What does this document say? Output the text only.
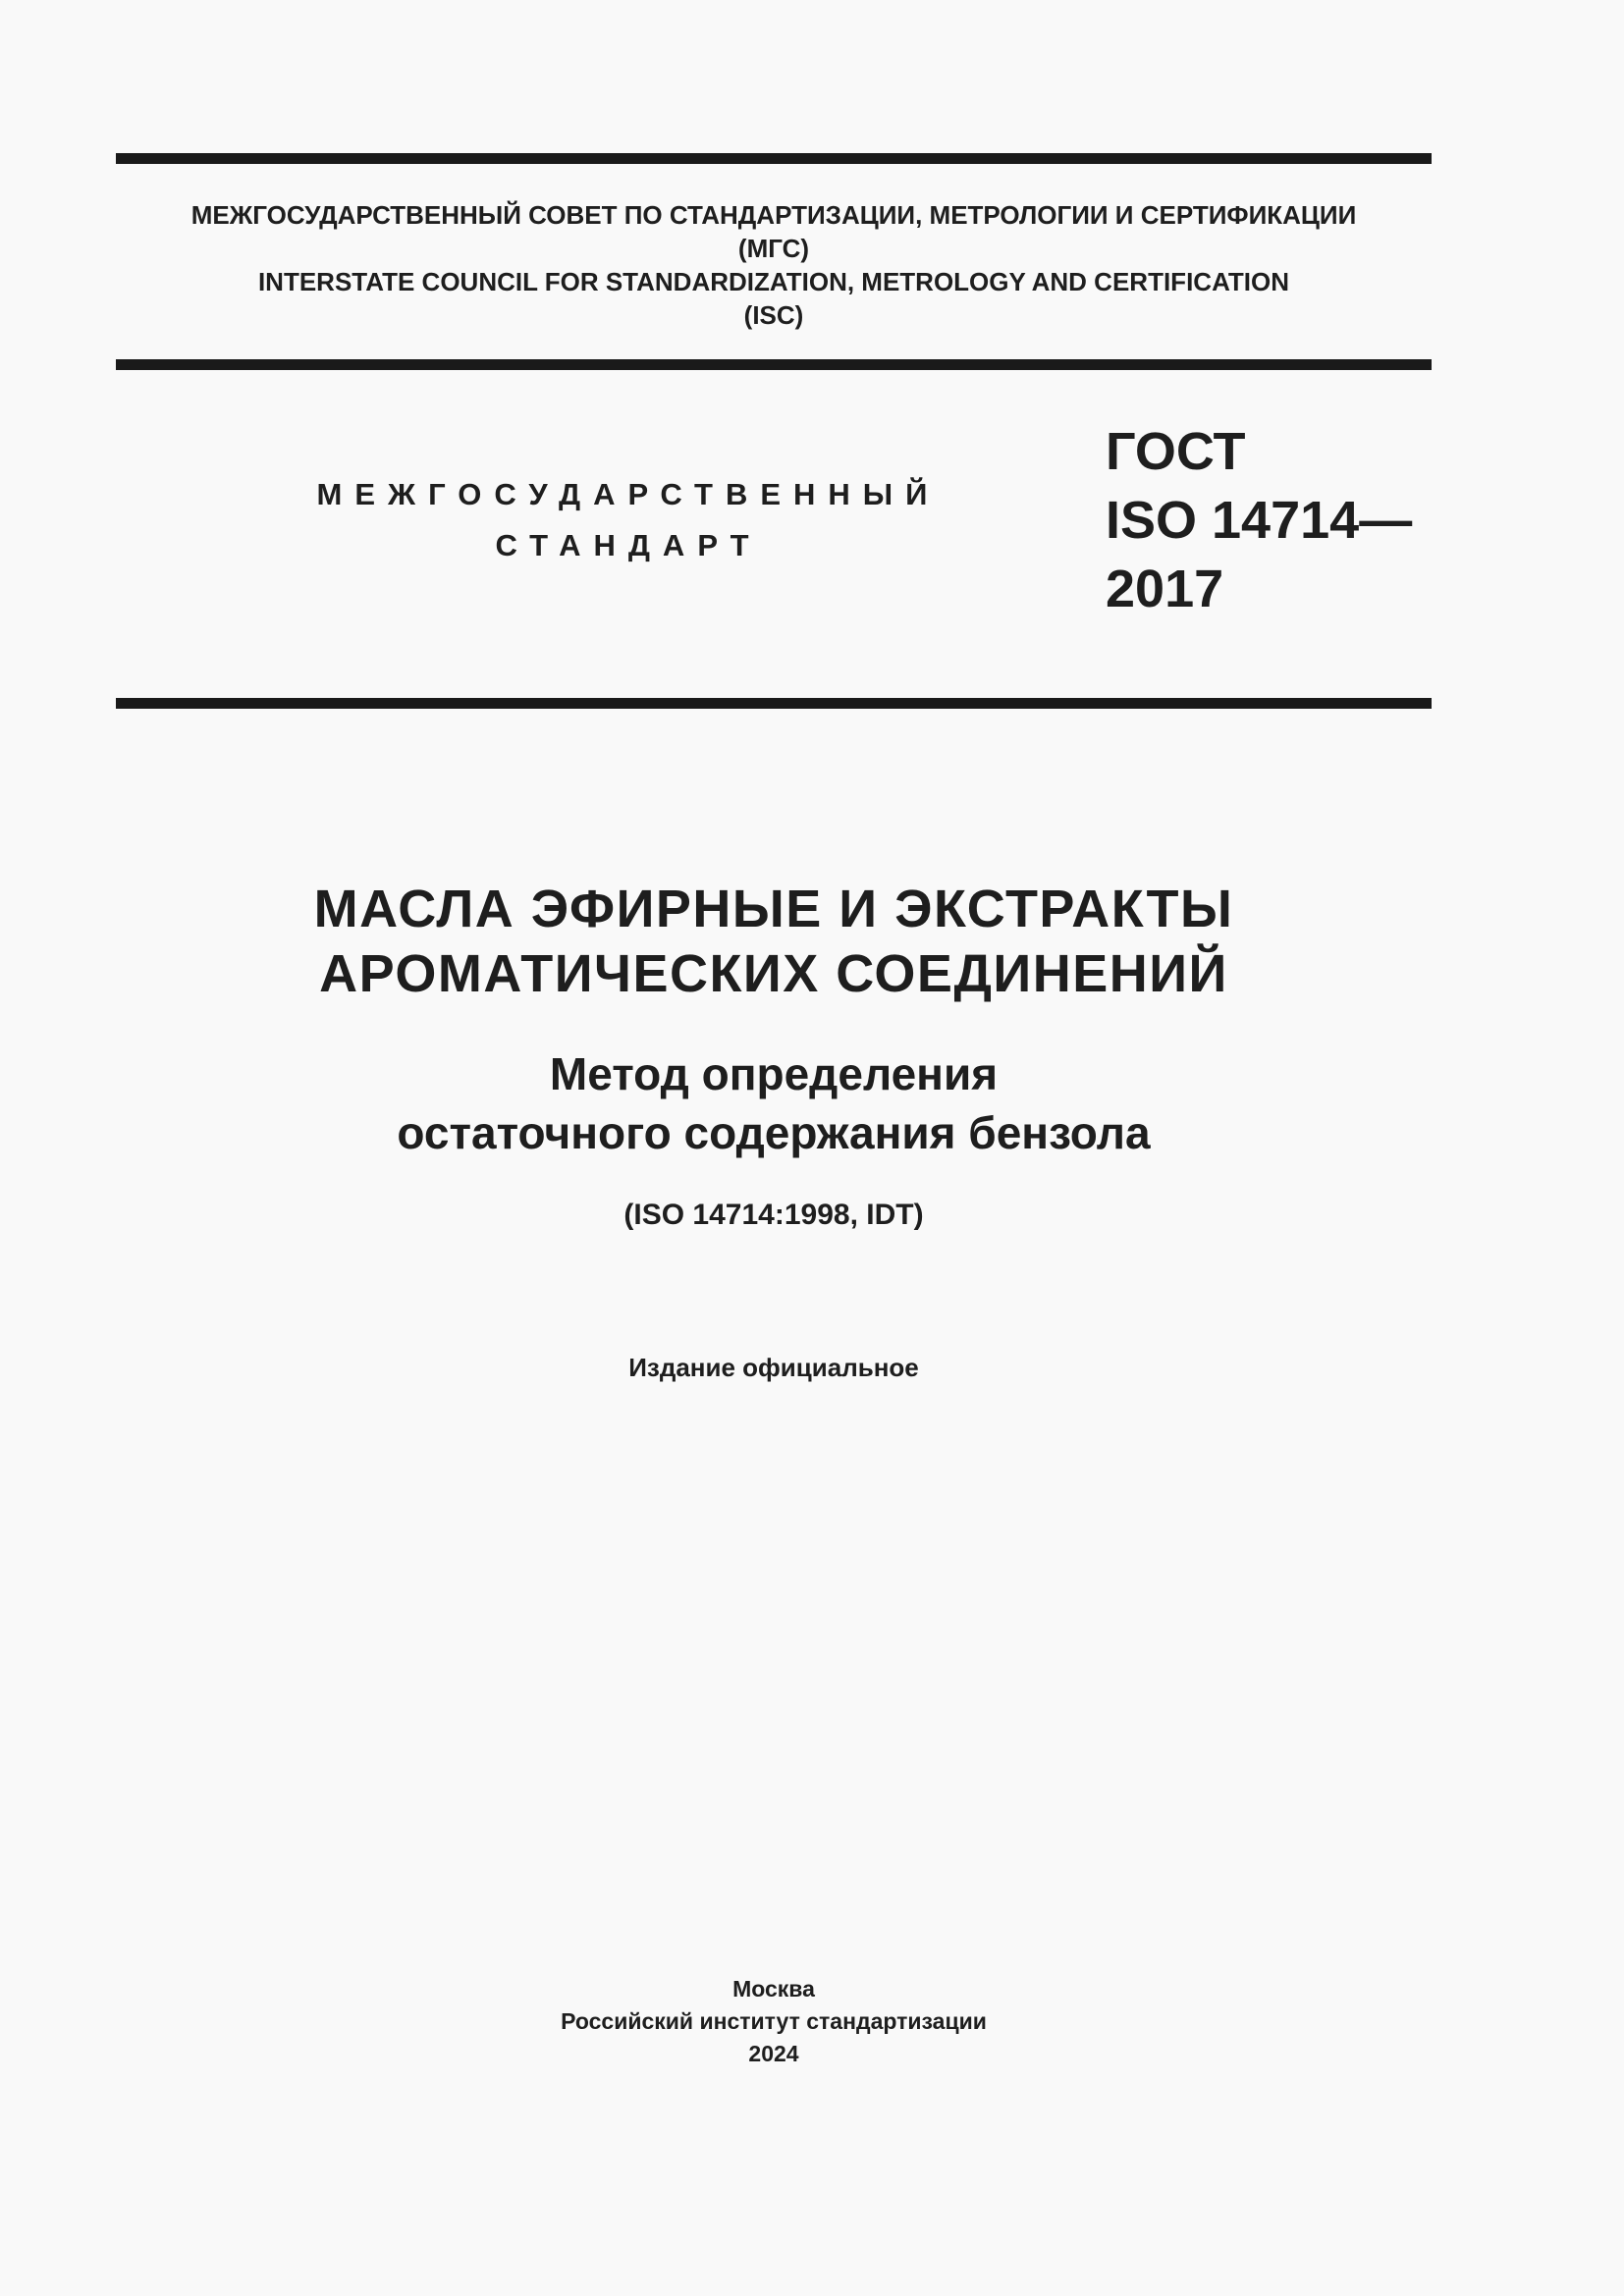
МЕЖГОСУДАРСТВЕННЫЙ СОВЕТ ПО СТАНДАРТИЗАЦИИ, МЕТРОЛОГИИ И СЕРТИФИКАЦИИ
(МГС)
INTERSTATE COUNCIL FOR STANDARDIZATION, METROLOGY AND CERTIFICATION
(ISC)
МЕЖГОСУДАРСТВЕННЫЙ
СТАНДАРТ
ГОСТ
ISO 14714—
2017
МАСЛА ЭФИРНЫЕ И ЭКСТРАКТЫ
АРОМАТИЧЕСКИХ СОЕДИНЕНИЙ
Метод определения
остаточного содержания бензола
(ISO 14714:1998, IDT)
Издание официальное
Москва
Российский институт стандартизации
2024
